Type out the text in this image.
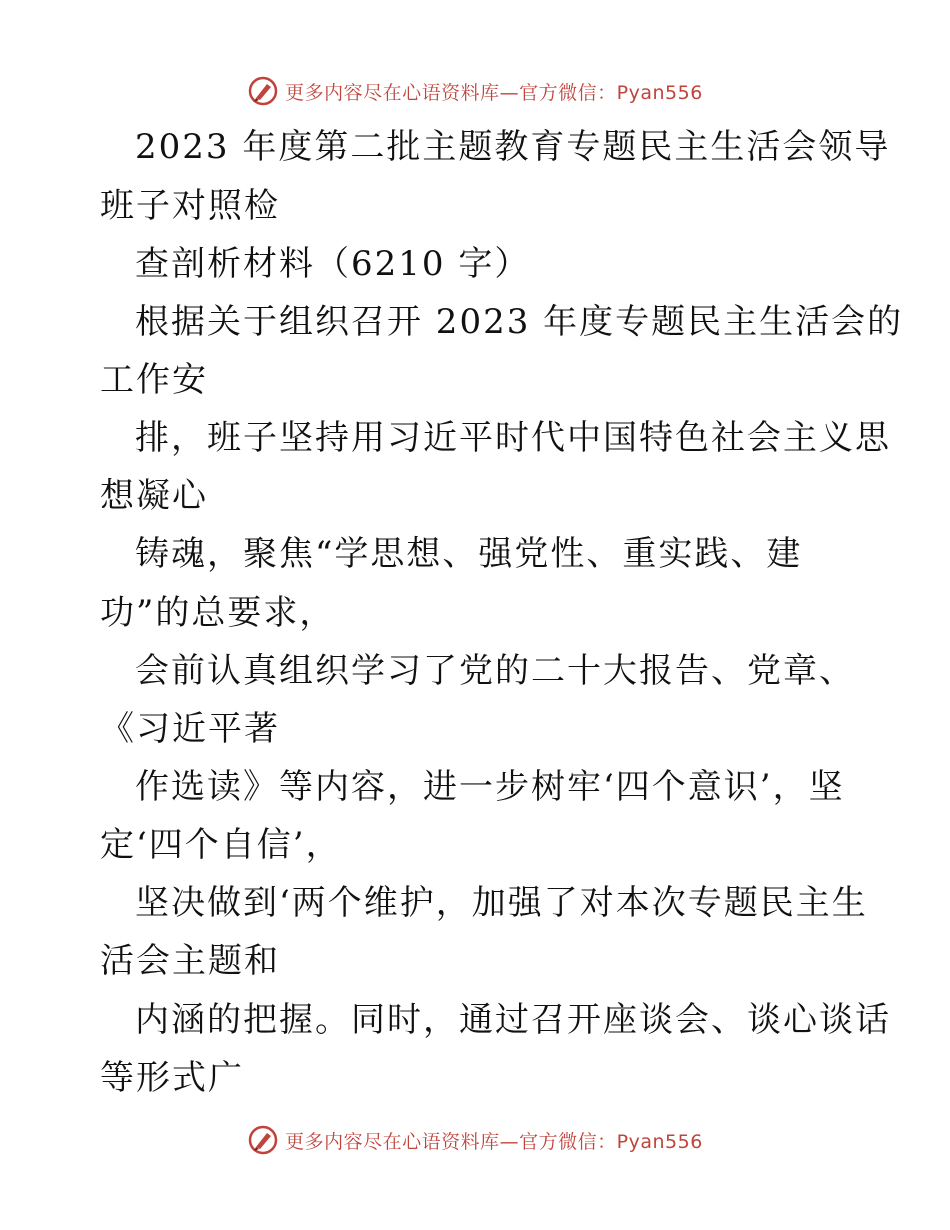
更多内容尽在心语资料库—官方微信：Pyan556
2023 年度第二批主题教育专题民主生活会领导
班子对照检
查剖析材料（6210 字）
根据关于组织召开 2023 年度专题民主生活会的
工作安
排，班子坚持用习近平时代中国特色社会主义思
想凝心
铸魂，聚焦“学思想、强党性、重实践、建
功”的总要求，
会前认真组织学习了党的二十大报告、党章、
《习近平著
作选读》等内容，进一步树牢‘四个意识’，坚
定‘四个自信’，
坚决做到‘两个维护，加强了对本次专题民主生
活会主题和
内涵的把握。同时，通过召开座谈会、谈心谈话
等形式广
更多内容尽在心语资料库—官方微信：Pyan556
